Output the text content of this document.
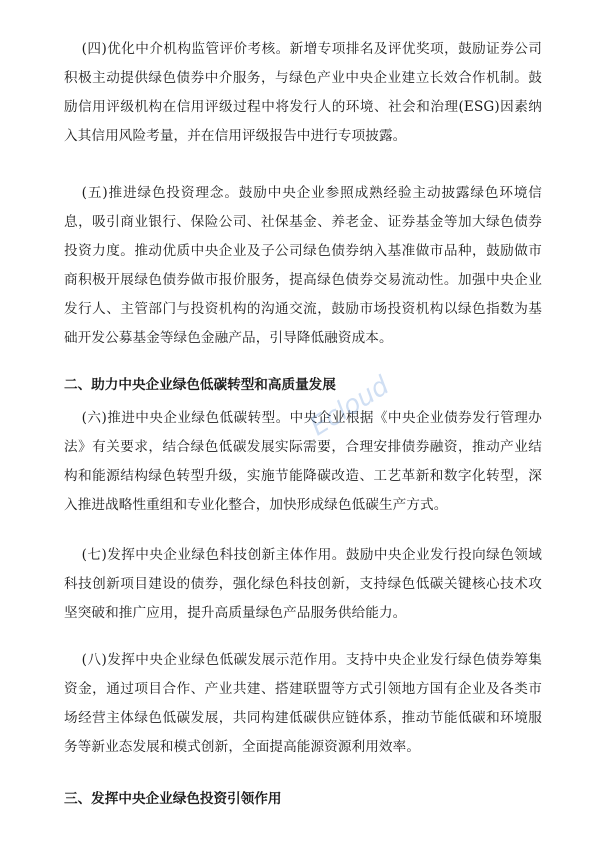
(四)优化中介机构监管评价考核。新增专项排名及评优奖项，鼓励证券公司积极主动提供绿色债券中介服务，与绿色产业中央企业建立长效合作机制。鼓励信用评级机构在信用评级过程中将发行人的环境、社会和治理(ESG)因素纳入其信用风险考量，并在信用评级报告中进行专项披露。

(五)推进绿色投资理念。鼓励中央企业参照成熟经验主动披露绿色环境信息，吸引商业银行、保险公司、社保基金、养老金、证券基金等加大绿色债券投资力度。推动优质中央企业及子公司绿色债券纳入基准做市品种，鼓励做市商积极开展绿色债券做市报价服务，提高绿色债券交易流动性。加强中央企业发行人、主管部门与投资机构的沟通交流，鼓励市场投资机构以绿色指数为基础开发公募基金等绿色金融产品，引导降低融资成本。

二、助力中央企业绿色低碳转型和高质量发展

(六)推进中央企业绿色低碳转型。中央企业根据《中央企业债券发行管理办法》有关要求，结合绿色低碳发展实际需要，合理安排债券融资，推动产业结构和能源结构绿色转型升级，实施节能降碳改造、工艺革新和数字化转型，深入推进战略性重组和专业化整合，加快形成绿色低碳生产方式。

(七)发挥中央企业绿色科技创新主体作用。鼓励中央企业发行投向绿色领域科技创新项目建设的债券，强化绿色科技创新，支持绿色低碳关键核心技术攻坚突破和推广应用，提升高质量绿色产品服务供给能力。

(八)发挥中央企业绿色低碳发展示范作用。支持中央企业发行绿色债券筹集资金，通过项目合作、产业共建、搭建联盟等方式引领地方国有企业及各类市场经营主体绿色低碳发展，共同构建低碳供应链体系，推动节能低碳和环境服务等新业态发展和模式创新，全面提高能源资源利用效率。

三、发挥中央企业绿色投资引领作用
Ecloud
